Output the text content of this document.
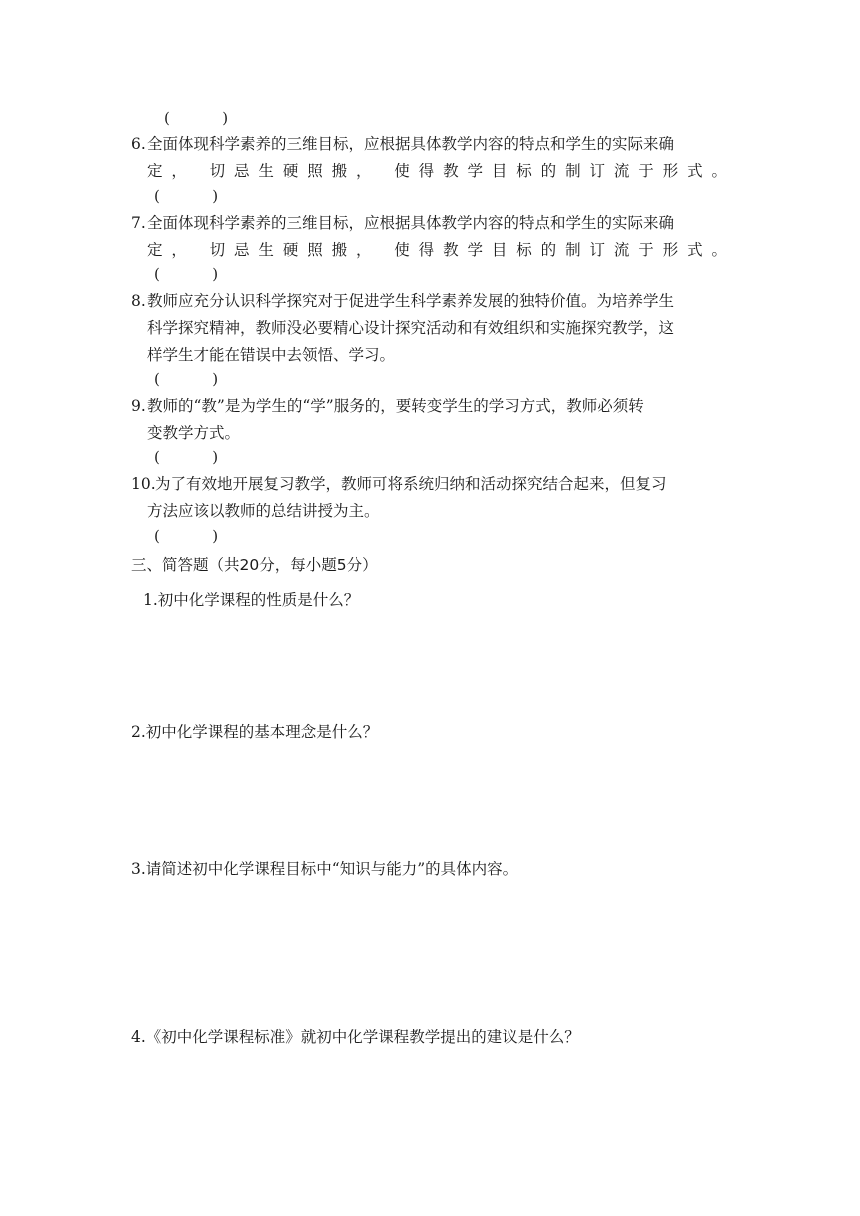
(           )
6. 全面体现科学素养的三维目标，应根据具体教学内容的特点和学生的实际来确
定， 切忌生硬照搬， 使得教学目标的制订流于形式。
(           )
7. 全面体现科学素养的三维目标，应根据具体教学内容的特点和学生的实际来确
定， 切忌生硬照搬， 使得教学目标的制订流于形式。
(           )
8. 教师应充分认识科学探究对于促进学生科学素养发展的独特价值。为培养学生
科学探究精神，教师没必要精心设计探究活动和有效组织和实施探究教学，这
样学生才能在错误中去领悟、学习。
(           )
9. 教师的“教”是为学生的“学”服务的，要转变学生的学习方式，教师必须转
变教学方式。
(           )
10. 为了有效地开展复习教学，教师可将系统归纳和活动探究结合起来，但复习
方法应该以教师的总结讲授为主。
(           )
三、简答题（共20分，每小题5分）
1.初中化学课程的性质是什么？
2.初中化学课程的基本理念是什么？
3.请简述初中化学课程目标中“知识与能力”的具体内容。
4.《初中化学课程标准》就初中化学课程教学提出的建议是什么？
